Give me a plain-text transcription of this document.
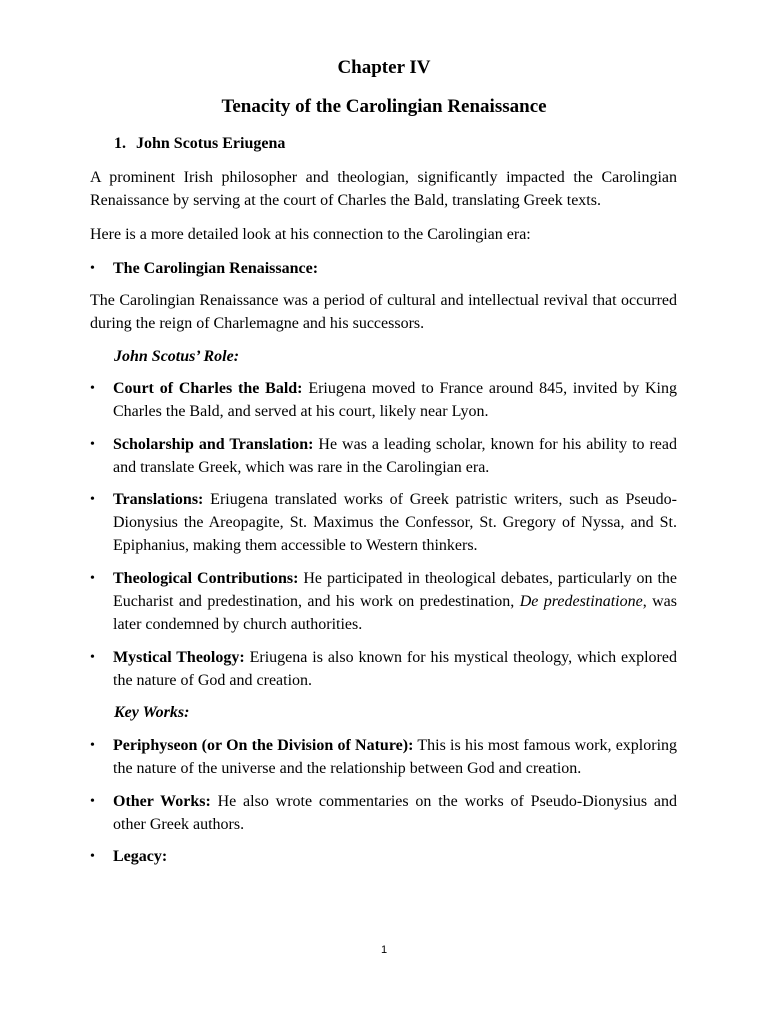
Chapter IV
Tenacity of the Carolingian Renaissance
1. John Scotus Eriugena
A prominent Irish philosopher and theologian, significantly impacted the Carolingian Renaissance by serving at the court of Charles the Bald, translating Greek texts.
Here is a more detailed look at his connection to the Carolingian era:
•	The Carolingian Renaissance:
The Carolingian Renaissance was a period of cultural and intellectual revival that occurred during the reign of Charlemagne and his successors.
John Scotus’ Role:
•	Court of Charles the Bald: Eriugena moved to France around 845, invited by King Charles the Bald, and served at his court, likely near Lyon.
•	Scholarship and Translation: He was a leading scholar, known for his ability to read and translate Greek, which was rare in the Carolingian era.
•	Translations: Eriugena translated works of Greek patristic writers, such as Pseudo-Dionysius the Areopagite, St. Maximus the Confessor, St. Gregory of Nyssa, and St. Epiphanius, making them accessible to Western thinkers.
•	Theological Contributions: He participated in theological debates, particularly on the Eucharist and predestination, and his work on predestination, De predestinatione, was later condemned by church authorities.
•	Mystical Theology: Eriugena is also known for his mystical theology, which explored the nature of God and creation.
Key Works:
•	Periphyseon (or On the Division of Nature): This is his most famous work, exploring the nature of the universe and the relationship between God and creation.
•	Other Works: He also wrote commentaries on the works of Pseudo-Dionysius and other Greek authors.
•	Legacy:
1
